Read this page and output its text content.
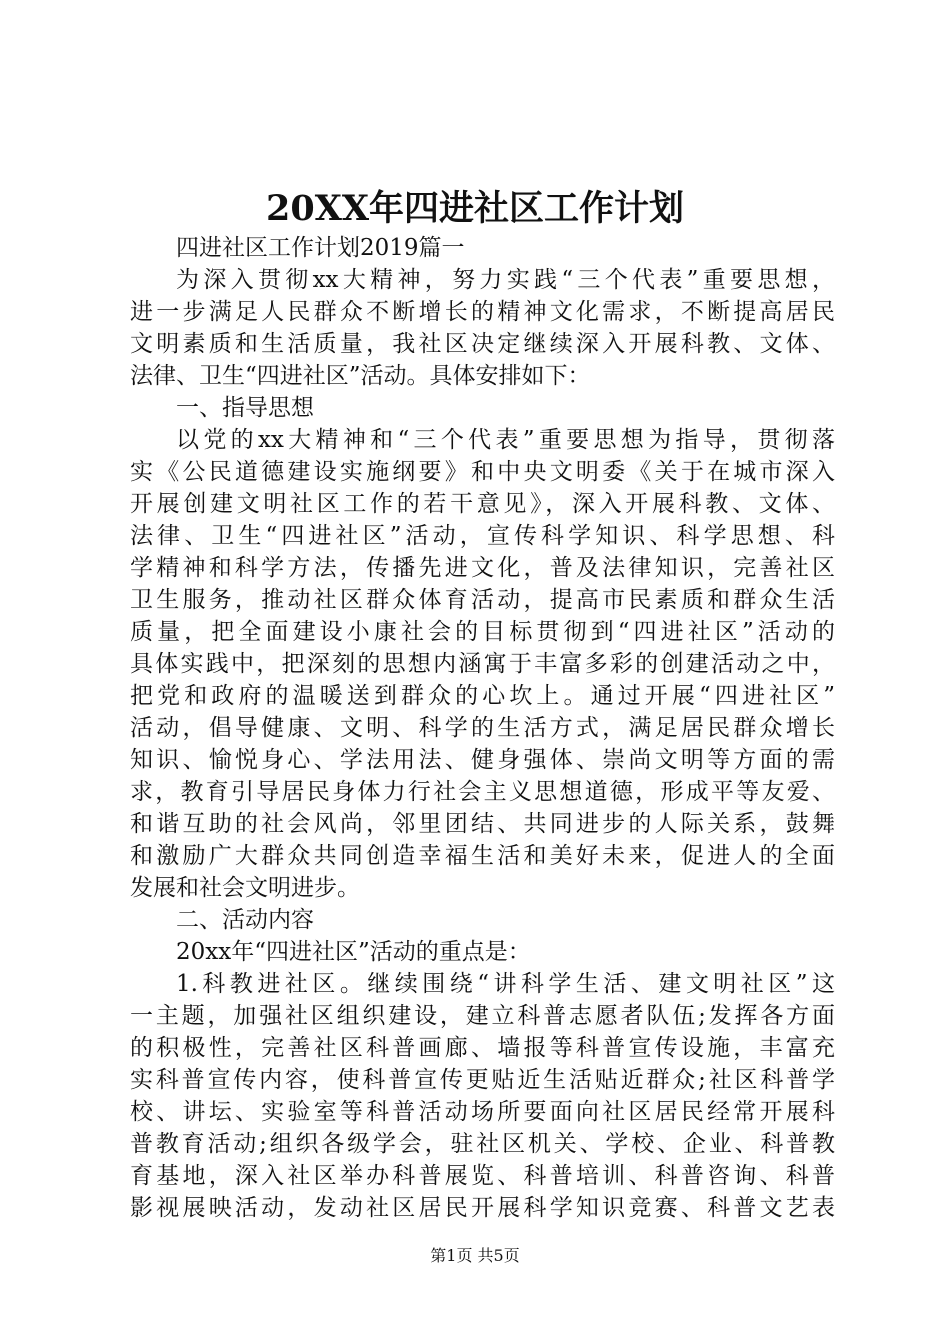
20XX年四进社区工作计划
四进社区工作计划2019篇一
为深入贯彻xx大精神，努力实践“三个代表”重要思想，
进一步满足人民群众不断增长的精神文化需求，不断提高居民
文明素质和生活质量，我社区决定继续深入开展科教、文体、
法律、卫生“四进社区”活动。具体安排如下：
一、指导思想
以党的xx大精神和“三个代表”重要思想为指导，贯彻落
实《公民道德建设实施纲要》和中央文明委《关于在城市深入
开展创建文明社区工作的若干意见》，深入开展科教、文体、
法律、卫生“四进社区”活动，宣传科学知识、科学思想、科
学精神和科学方法，传播先进文化，普及法律知识，完善社区
卫生服务，推动社区群众体育活动，提高市民素质和群众生活
质量，把全面建设小康社会的目标贯彻到“四进社区”活动的
具体实践中，把深刻的思想内涵寓于丰富多彩的创建活动之中，
把党和政府的温暖送到群众的心坎上。通过开展“四进社区”
活动，倡导健康、文明、科学的生活方式，满足居民群众增长
知识、愉悦身心、学法用法、健身强体、崇尚文明等方面的需
求，教育引导居民身体力行社会主义思想道德，形成平等友爱、
和谐互助的社会风尚，邻里团结、共同进步的人际关系，鼓舞
和激励广大群众共同创造幸福生活和美好未来，促进人的全面
发展和社会文明进步。
二、活动内容
20xx年“四进社区”活动的重点是：
1.科教进社区。继续围绕“讲科学生活、建文明社区”这
一主题，加强社区组织建设，建立科普志愿者队伍;发挥各方面
的积极性，完善社区科普画廊、墙报等科普宣传设施，丰富充
实科普宣传内容，使科普宣传更贴近生活贴近群众;社区科普学
校、讲坛、实验室等科普活动场所要面向社区居民经常开展科
普教育活动;组织各级学会，驻社区机关、学校、企业、科普教
育基地，深入社区举办科普展览、科普培训、科普咨询、科普
影视展映活动，发动社区居民开展科学知识竞赛、科普文艺表
第1页 共5页
